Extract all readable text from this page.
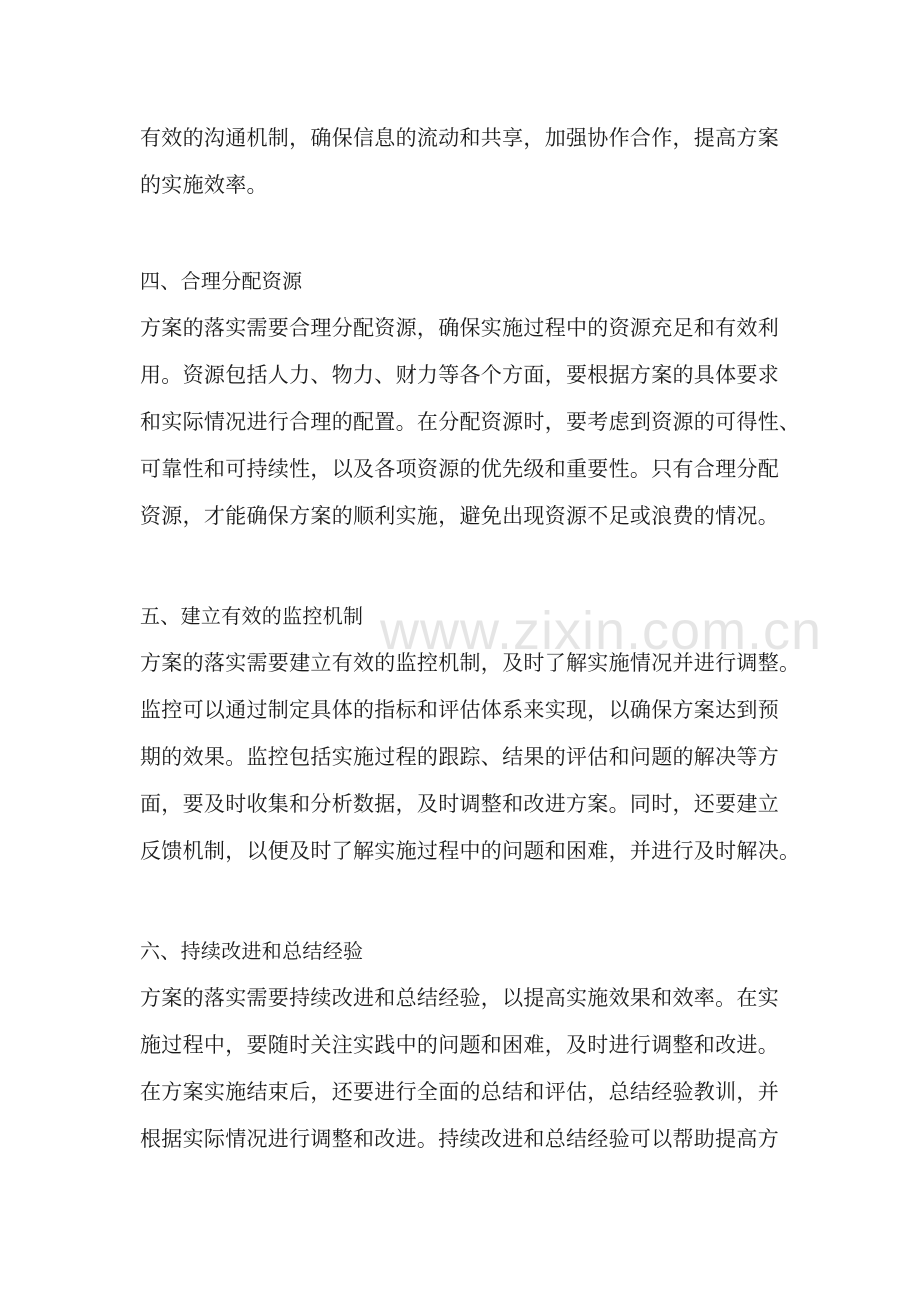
有效的沟通机制，确保信息的流动和共享，加强协作合作，提高方案
的实施效率。
四、合理分配资源
方案的落实需要合理分配资源，确保实施过程中的资源充足和有效利
用。资源包括人力、物力、财力等各个方面，要根据方案的具体要求
和实际情况进行合理的配置。在分配资源时，要考虑到资源的可得性、
可靠性和可持续性，以及各项资源的优先级和重要性。只有合理分配
资源，才能确保方案的顺利实施，避免出现资源不足或浪费的情况。
五、建立有效的监控机制
方案的落实需要建立有效的监控机制，及时了解实施情况并进行调整。
监控可以通过制定具体的指标和评估体系来实现，以确保方案达到预
期的效果。监控包括实施过程的跟踪、结果的评估和问题的解决等方
面，要及时收集和分析数据，及时调整和改进方案。同时，还要建立
反馈机制，以便及时了解实施过程中的问题和困难，并进行及时解决。
六、持续改进和总结经验
方案的落实需要持续改进和总结经验，以提高实施效果和效率。在实
施过程中，要随时关注实践中的问题和困难，及时进行调整和改进。
在方案实施结束后，还要进行全面的总结和评估，总结经验教训，并
根据实际情况进行调整和改进。持续改进和总结经验可以帮助提高方
www.zixin.com.cn
